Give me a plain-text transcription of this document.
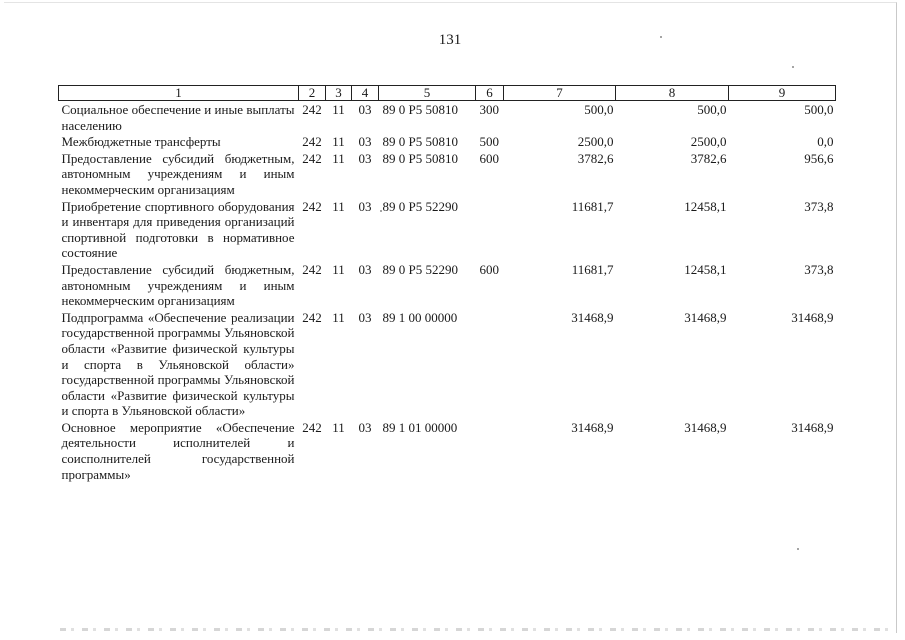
131
1	2	3	4	5	6	7	8	9
Социальное обеспечение и иные выплаты населению	242	11	03	89 0 P5 50810	300	500,0	500,0	500,0
Межбюджетные трансферты	242	11	03	89 0 P5 50810	500	2500,0	2500,0	0,0
Предоставление субсидий бюджетным, автономным учреждениям и иным некоммерческим организациям	242	11	03	89 0 P5 50810	600	3782,6	3782,6	956,6
Приобретение спортивного оборудования и инвентаря для приведения организаций спортивной подготовки в нормативное состояние	242	11	03	89 0 P5 52290		11681,7	12458,1	373,8
Предоставление субсидий бюджетным, автономным учреждениям и иным некоммерческим организациям	242	11	03	89 0 P5 52290	600	11681,7	12458,1	373,8
Подпрограмма «Обеспечение реализации государственной программы Ульяновской области «Развитие физической культуры и спорта в Ульяновской области» государственной программы Ульяновской области «Развитие физической культуры и спорта в Ульяновской области»	242	11	03	89 1 00 00000		31468,9	31468,9	31468,9
Основное мероприятие «Обеспечение деятельности исполнителей и соисполнителей государственной программы»	242	11	03	89 1 01 00000		31468,9	31468,9	31468,9
